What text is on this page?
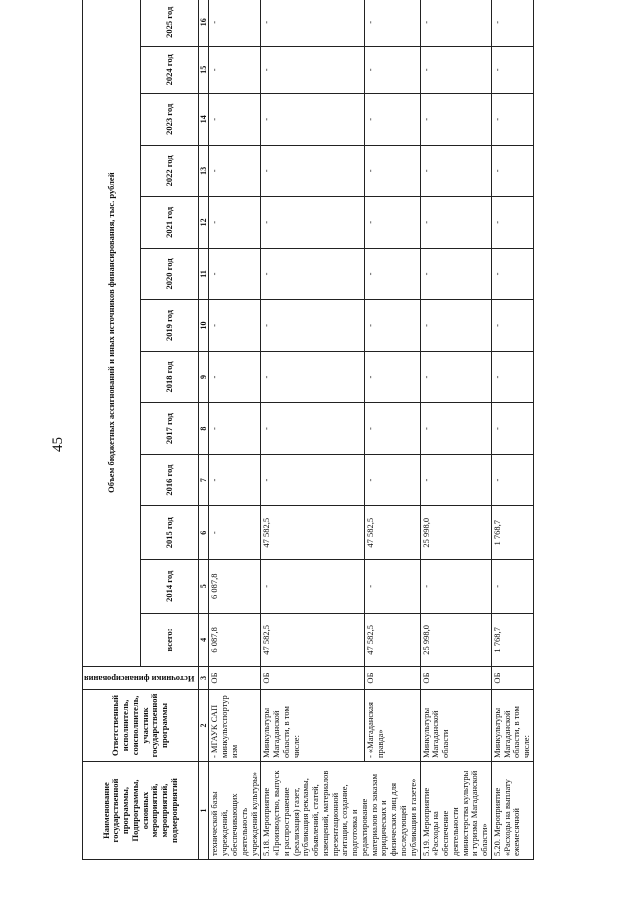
45
Наименование государственной программы, Подпрограммы, основных мероприятий, мероприятий, подмероприятий	Ответственный исполнитель, соисполнитель, участник государственной программы	Источники финансирования	Объем бюджетных ассигнований и иных источников финансирования, тыс. рублей												
			всего:	2014 год	2015 год	2016 год	2017 год	2018 год	2019 год	2020 год	2021 год	2022 год	2023 год	2024 год	2025 год
1	2	3	4	5	6	7	8	9	10	11	12	13	14	15	16
технической базы учреждений, обеспечивающих деятельность учреждений культуры»	- МГАУК САП минкультспортур изм	ОБ	6 087,8	6 087,8	-	-	-	-	-	-	-	-	-	-	-
5.18. Мероприятие «Производство, выпуск и распространение (реализация) газет, публикация рекламы, объявлений, статей, извещений, материалов презентационной агитации, создание, подготовка и редактирование материалов по заказам юридических и физических лиц для последующей публикации в газете»	Минкультуры Магаданской области, в том числе:	ОБ	47 582,5	-	47 582,5	-	-	-	-	-	-	-	-	-	-
	- «Магаданская правда»	ОБ	47 582,5	-	47 582,5	-	-	-	-	-	-	-	-	-	-
5.19. Мероприятие «Расходы на обеспечение деятельности министерства культуры и туризма Магаданской области»	Минкультуры Магаданской области	ОБ	25 998,0	-	25 998,0	-	-	-	-	-	-	-	-	-	-
5.20. Мероприятие «Расходы на выплату ежемесячной	Минкультуры Магаданской области, в том числе:	ОБ	1 768,7	-	1 768,7	-	-	-	-	-	-	-	-	-	-
